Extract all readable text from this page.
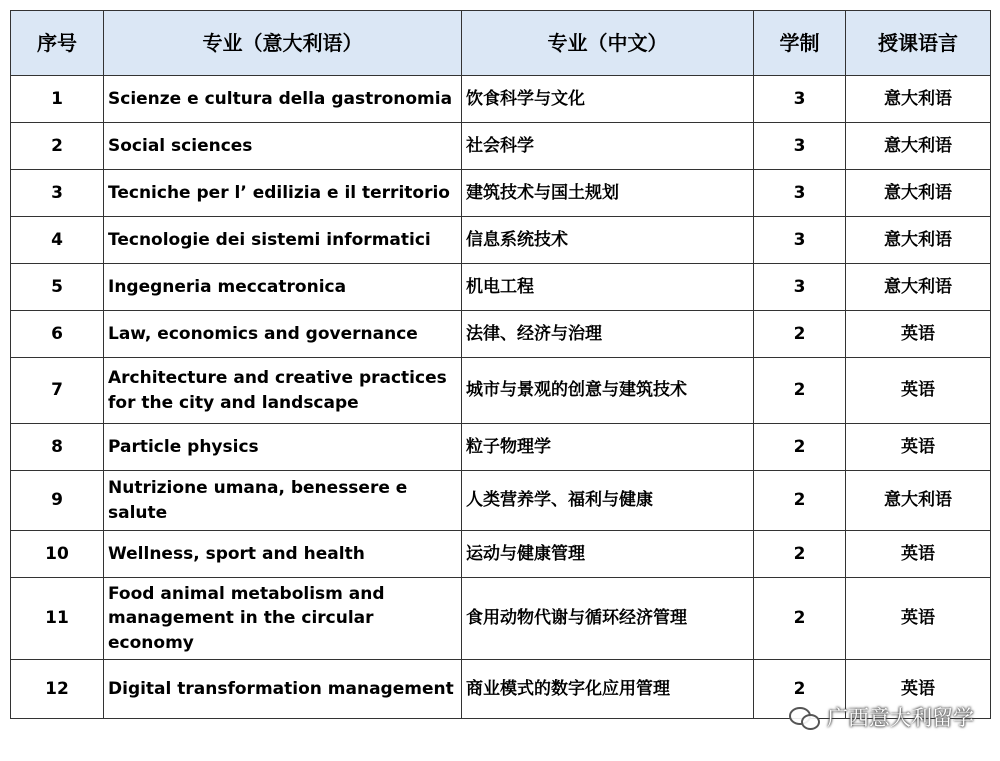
序号	专业（意大利语）	专业（中文）	学制	授课语言
1	Scienze e cultura della gastronomia	饮食科学与文化	3	意大利语
2	Social sciences	社会科学	3	意大利语
3	Tecniche per l’ edilizia e il territorio	建筑技术与国土规划	3	意大利语
4	Tecnologie dei sistemi informatici	信息系统技术	3	意大利语
5	Ingegneria meccatronica	机电工程	3	意大利语
6	Law, economics and governance	法律、经济与治理	2	英语
7	Architecture and creative practices for the city and landscape	城市与景观的创意与建筑技术	2	英语
8	Particle physics	粒子物理学	2	英语
9	Nutrizione umana, benessere e salute	人类营养学、福利与健康	2	意大利语
10	Wellness, sport and health	运动与健康管理	2	英语
11	Food animal metabolism and management in the circular economy	食用动物代谢与循环经济管理	2	英语
12	Digital transformation management	商业模式的数字化应用管理	2	英语
广西意大利留学
